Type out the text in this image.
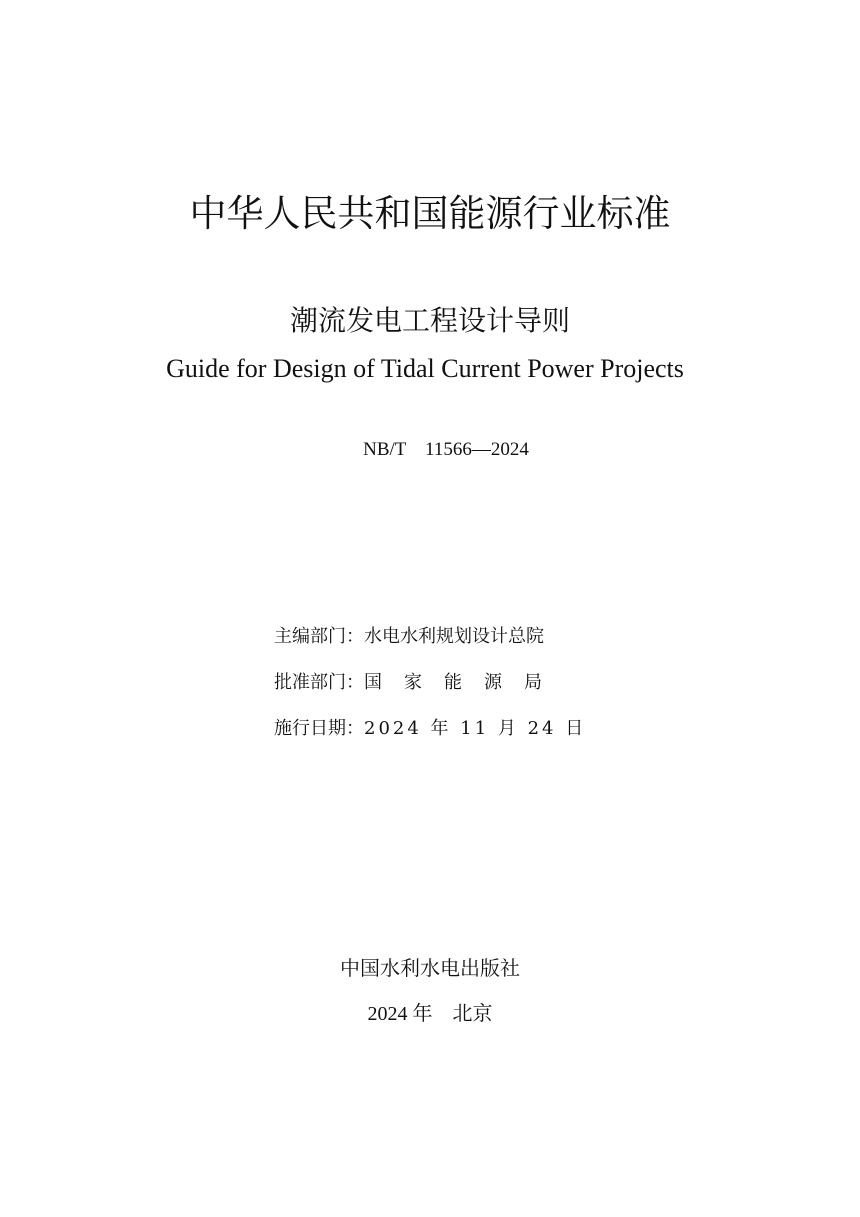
中华人民共和国能源行业标准
潮流发电工程设计导则
Guide for Design of Tidal Current Power Projects
NB/T　11566—2024
主编部门： 水电水利规划设计总院
批准部门： 国家能源局
施行日期： 2024 年 11 月 24 日
中国水利水电出版社
2024 年　北京
